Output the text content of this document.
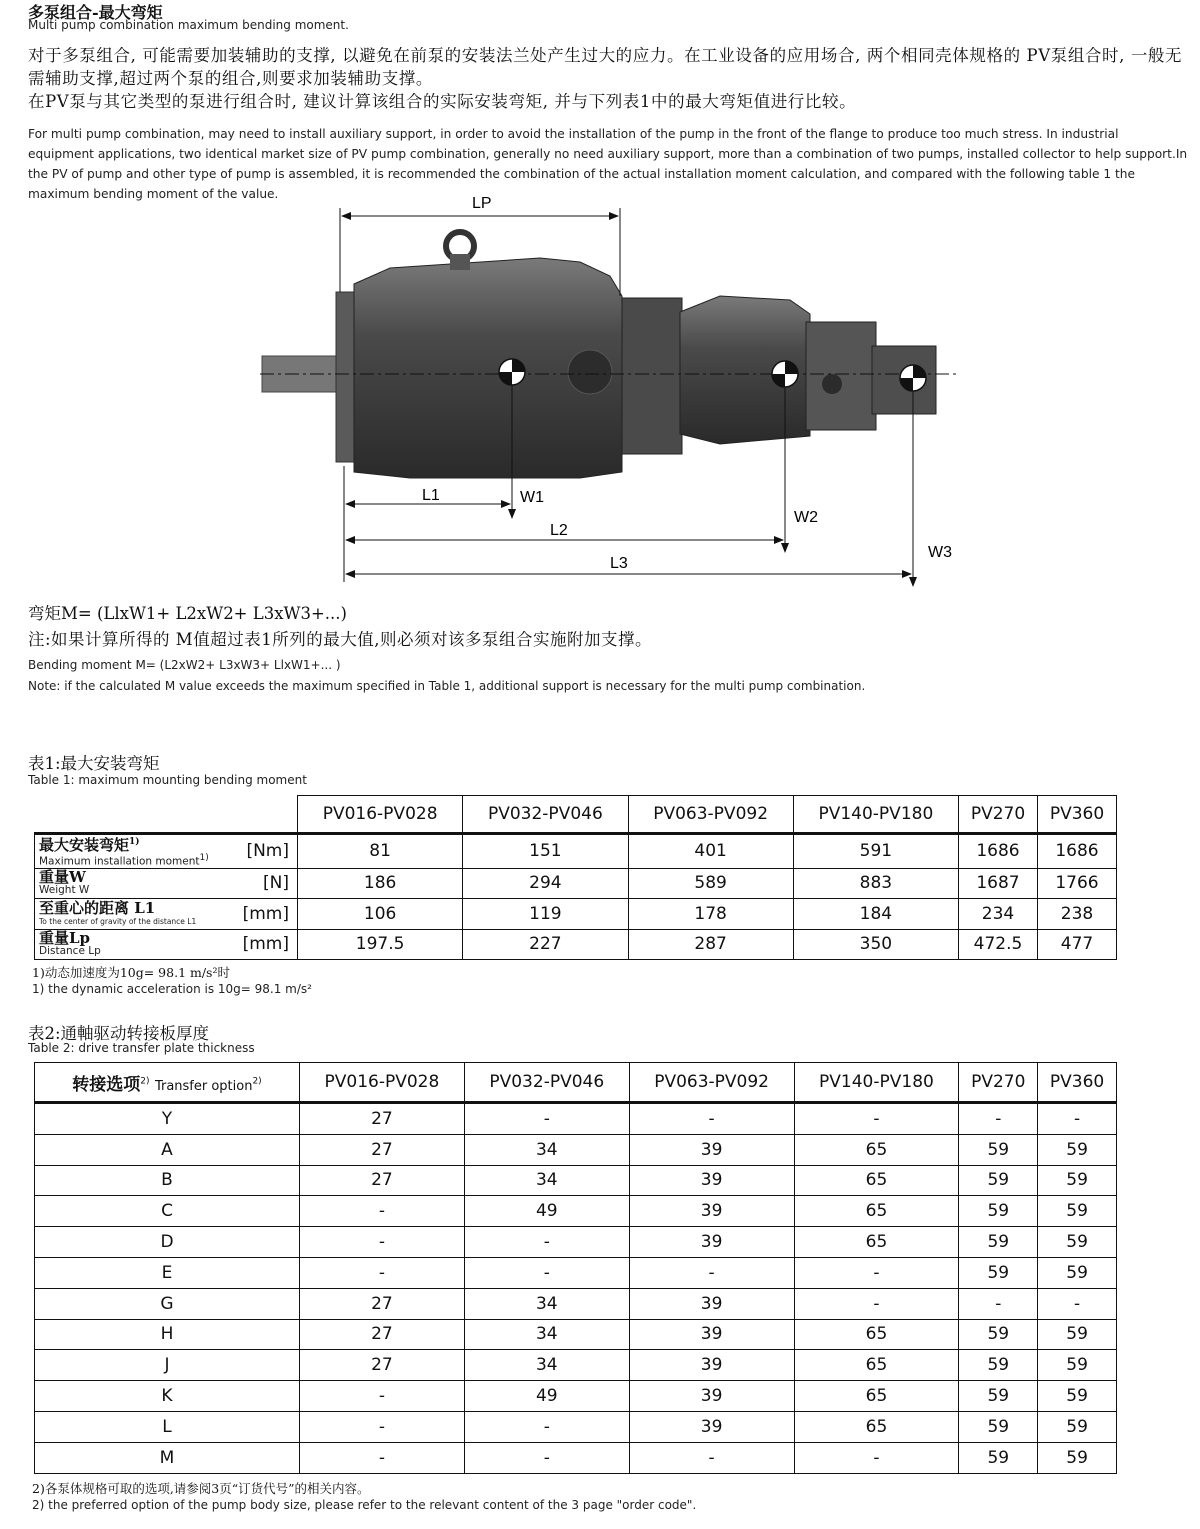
多泵组合-最大弯矩
Multi pump combination maximum bending moment.
对于多泵组合, 可能需要加装辅助的支撑, 以避免在前泵的安装法兰处产生过大的应力。在工业设备的应用场合, 两个相同壳体规格的 PV泵组合时, 一般无需辅助支撑,超过两个泵的组合,则要求加装辅助支撑。
在PV泵与其它类型的泵进行组合时, 建议计算该组合的实际安装弯矩, 并与下列表1中的最大弯矩值进行比较。
For multi pump combination, may need to install auxiliary support, in order to avoid the installation of the pump in the front of the flange to produce too much stress. In industrial equipment applications, two identical market size of PV pump combination, generally no need auxiliary support, more than a combination of two pumps, installed collector to help support.In the PV of pump and other type of pump is assembled, it is recommended the combination of the actual installation moment calculation, and compared with the following table 1 the maximum bending moment of the value.
LP
W1
W2
W3
L1
L2
L3
弯矩M= (LlxW1+ L2xW2+ L3xW3+...)
注:如果计算所得的 M值超过表1所列的最大值,则必须对该多泵组合实施附加支撑。
Bending moment M= (L2xW2+ L3xW3+ LlxW1+... )
Note: if the calculated M value exceeds the maximum specified in Table 1, additional support is necessary for the multi pump combination.
表1:最大安装弯矩
Table 1: maximum mounting bending moment
		PV016-PV028	PV032-PV046	PV063-PV092	PV140-PV180	PV270	PV360

最大安装弯矩$^{1)}$
Maximum installation moment$^{1)}$	[Nm]	81	151	401	591	1686	1686

重量W
Weight W	[N]	186	294	589	883	1687	1766

至重心的距离 L1
To the center of gravity of the distance L1	[mm]	106	119	178	184	234	238

重量Lp
Distance Lp	[mm]	197.5	227	287	350	472.5	477
1)动态加速度为10g= 98.1 m/s²时
1) the dynamic acceleration is 10g= 98.1 m/s²
表2:通軸驱动转接板厚度
Table 2: drive transfer plate thickness
转接选项$^{2)}$ Transfer option$^{2)}$	PV016-PV028	PV032-PV046	PV063-PV092	PV140-PV180	PV270	PV360
Y	27	-	-	-	-	-
A	27	34	39	65	59	59
B	27	34	39	65	59	59
C	-	49	39	65	59	59
D	-	-	39	65	59	59
E	-	-	-	-	59	59
G	27	34	39	-	-	-
H	27	34	39	65	59	59
J	27	34	39	65	59	59
K	-	49	39	65	59	59
L	-	-	39	65	59	59
M	-	-	-	-	59	59
2)各泵体规格可取的选项,请参阅3页“订货代号”的相关内容。
2) the preferred option of the pump body size, please refer to the relevant content of the 3 page "order code".
